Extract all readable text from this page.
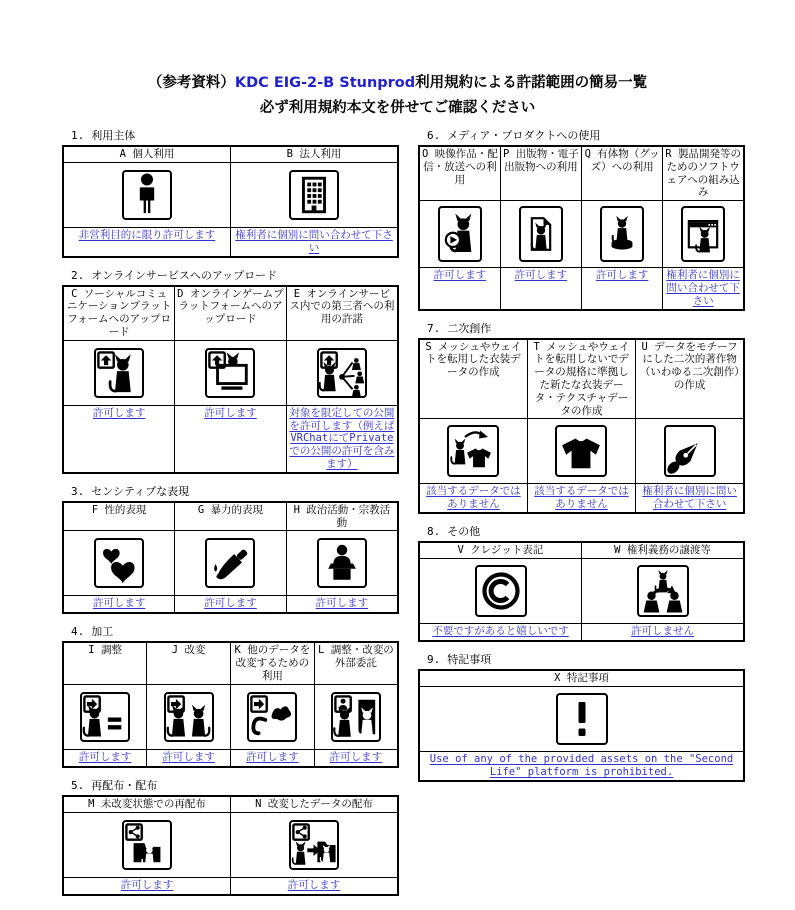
（参考資料）KDC EIG-2-B Stunprod利用規約による許諾範囲の簡易一覧
必ず利用規約本文を併せてご確認ください
1. 利用主体
A 個人利用	B 法人利用

非営利目的に限り許可します	権利者に個別に問い合わせて下さい
2. オンラインサービスへのアップロード
C ソーシャルコミュニケーションプラットフォームへのアップロード	D オンラインゲームプラットフォームへのアップロード	E オンラインサービス内での第三者への利用の許諾

許可します	許可します	対象を限定しての公開を許可します（例えばVRChatにてPrivateでの公開の許可を含みます）
3. センシティブな表現
F 性的表現	G 暴力的表現	H 政治活動・宗教活動

許可します	許可します	許可します
4. 加工
I 調整	J 改変	K 他のデータを改変するための利用	L 調整・改変の外部委託

許可します	許可します	許可します	許可します
5. 再配布・配布
M 未改変状態での再配布	N 改変したデータの配布

許可します	許可します
6. メディア・プロダクトへの使用
O 映像作品・配信・放送への利用	P 出版物・電子出版物への利用	Q 有体物（グッズ）への利用	R 製品開発等のためのソフトウェアへの組み込み

許可します	許可します	許可します	権利者に個別に問い合わせて下さい
7. 二次創作
S メッシュやウェイトを転用した衣装データの作成	T メッシュやウェイトを転用しないでデータの規格に準拠した新たな衣装データ・テクスチャデータの作成	U データをモチーフにした二次的著作物（いわゆる二次創作）の作成

該当するデータではありません	該当するデータではありません	権利者に個別に問い合わせて下さい
8. その他
V クレジット表記	W 権利義務の譲渡等

不要ですがあると嬉しいです	許可しません
9. 特記事項
X 特記事項

Use of any of the provided assets on the "Second Life" platform is prohibited.
